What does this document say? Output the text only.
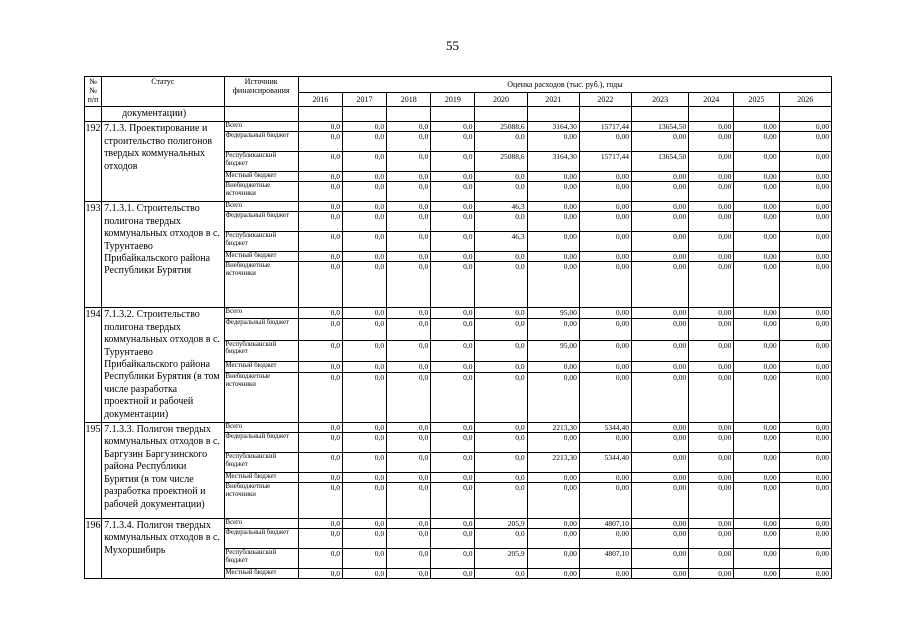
55
№
№
п/п	Статус	Источник финансирования	Оценка расходов (тыс. руб.), годы										
			2016	2017	2018	2019	2020	2021	2022	2023	2024	2025	2026
	документации)												
192	7.1.3. Проектирование и строительство полигонов твердых коммунальных отходов	Всего	0,0	0,0	0,0	0,0	25088,6	3164,30	15717,44	13654,50	0,00	0,00	0,00
		Федеральный бюджет	0,0	0,0	0,0	0,0	0,0	0,00	0,00	0,00	0,00	0,00	0,00
		Республиканский бюджет	0,0	0,0	0,0	0,0	25088,6	3164,30	15717,44	13654,50	0,00	0,00	0,00
		Местный бюджет	0,0	0,0	0,0	0,0	0,0	0,00	0,00	0,00	0,00	0,00	0,00
		Внебюджетные источники	0,0	0,0	0,0	0,0	0,0	0,00	0,00	0,00	0,00	0,00	0,00
193	7.1.3.1. Строительство полигона твердых коммунальных отходов в с. Турунтаево Прибайкальского района Республики Бурятия	Всего	0,0	0,0	0,0	0,0	46,3	0,00	0,00	0,00	0,00	0,00	0,00
		Федеральный бюджет	0,0	0,0	0,0	0,0	0,0	0,00	0,00	0,00	0,00	0,00	0,00
		Республиканский бюджет	0,0	0,0	0,0	0,0	46,3	0,00	0,00	0,00	0,00	0,00	0,00
		Местный бюджет	0,0	0,0	0,0	0,0	0,0	0,00	0,00	0,00	0,00	0,00	0,00
		Внебюджетные источники	0,0	0,0	0,0	0,0	0,0	0,00	0,00	0,00	0,00	0,00	0,00
194	7.1.3.2. Строительство полигона твердых коммунальных отходов в с. Турунтаево Прибайкальского района Республики Бурятия (в том числе разработка проектной и рабочей документации)	Всего	0,0	0,0	0,0	0,0	0,0	95,00	0,00	0,00	0,00	0,00	0,00
		Федеральный бюджет	0,0	0,0	0,0	0,0	0,0	0,00	0,00	0,00	0,00	0,00	0,00
		Республиканский бюджет	0,0	0,0	0,0	0,0	0,0	95,00	0,00	0,00	0,00	0,00	0,00
		Местный бюджет	0,0	0,0	0,0	0,0	0,0	0,00	0,00	0,00	0,00	0,00	0,00
		Внебюджетные источники	0,0	0,0	0,0	0,0	0,0	0,00	0,00	0,00	0,00	0,00	0,00
195	7.1.3.3. Полигон твердых коммунальных отходов в с. Баргузин Баргузинского района Республики Бурятия (в том числе разработка проектной и рабочей документации)	Всего	0,0	0,0	0,0	0,0	0,0	2213,30	5344,40	0,00	0,00	0,00	0,00
		Федеральный бюджет	0,0	0,0	0,0	0,0	0,0	0,00	0,00	0,00	0,00	0,00	0,00
		Республиканский бюджет	0,0	0,0	0,0	0,0	0,0	2213,30	5344,40	0,00	0,00	0,00	0,00
		Местный бюджет	0,0	0,0	0,0	0,0	0,0	0,00	0,00	0,00	0,00	0,00	0,00
		Внебюджетные источники	0,0	0,0	0,0	0,0	0,0	0,00	0,00	0,00	0,00	0,00	0,00
196	7.1.3.4. Полигон твердых коммунальных отходов в с. Мухоршибирь	Всего	0,0	0,0	0,0	0,0	205,9	0,00	4807,10	0,00	0,00	0,00	0,00
		Федеральный бюджет	0,0	0,0	0,0	0,0	0,0	0,00	0,00	0,00	0,00	0,00	0,00
		Республиканский бюджет	0,0	0,0	0,0	0,0	205,9	0,00	4807,10	0,00	0,00	0,00	0,00
		Местный бюджет	0,0	0,0	0,0	0,0	0,0	0,00	0,00	0,00	0,00	0,00	0,00
